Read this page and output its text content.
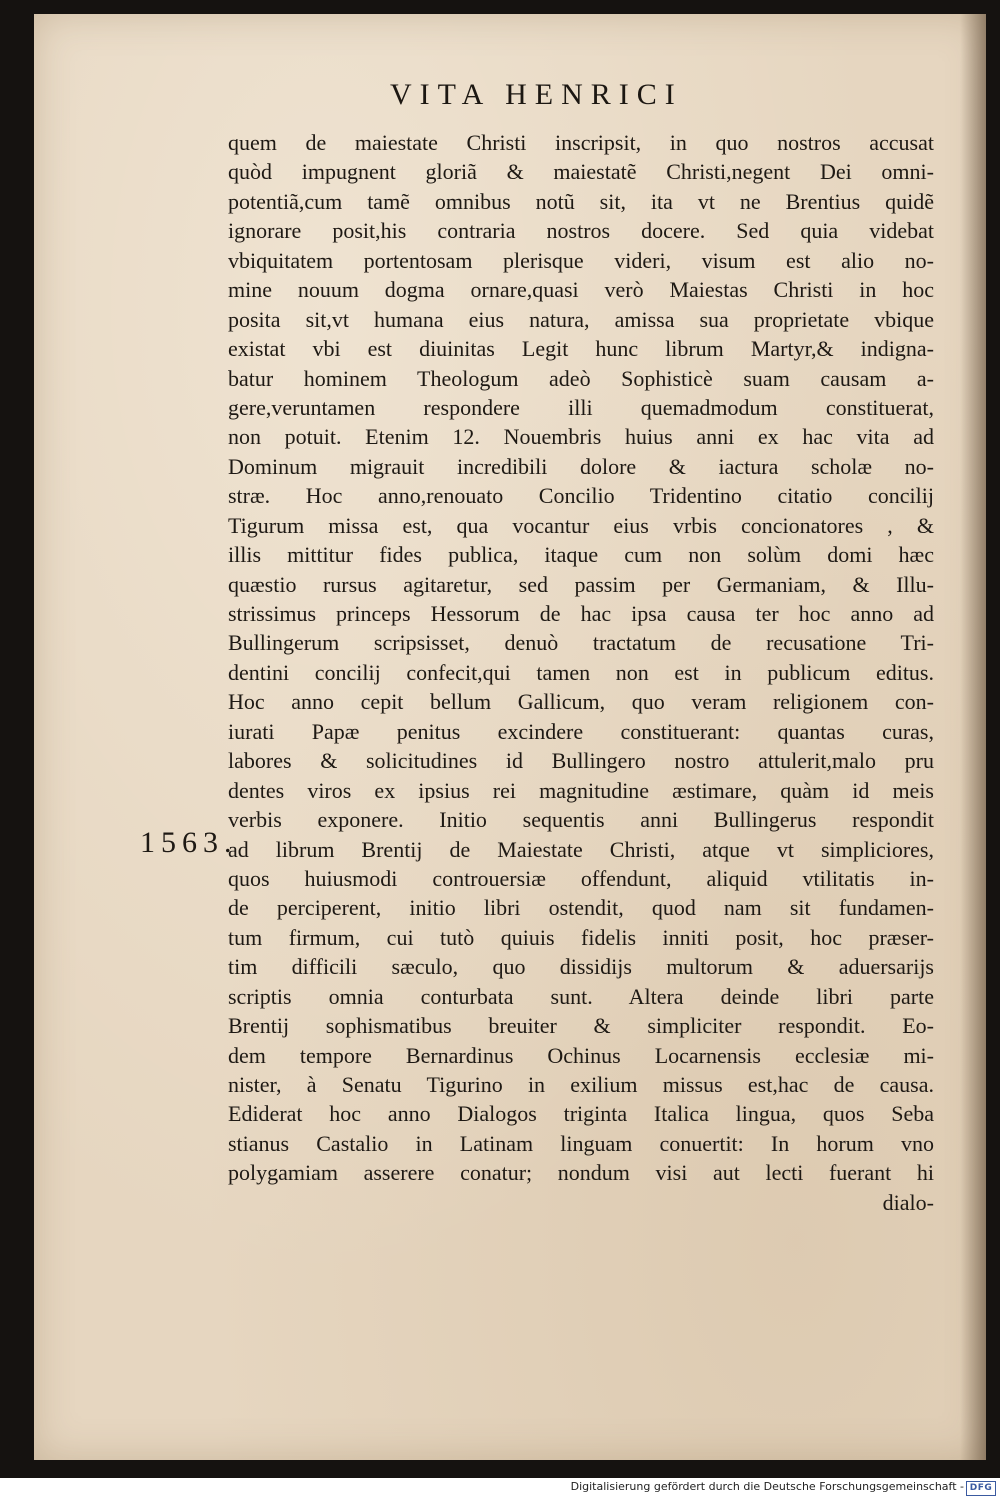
VITA HENRICI
1563.
quem de maiestate Christi inscripsit, in quo nostros accusat
quòd impugnent gloriã & maiestatẽ Christi,negent Dei omni-
potentiã,cum tamẽ omnibus notũ sit, ita vt ne Brentius quidẽ
ignorare posit,his contraria nostros docere. Sed quia videbat
vbiquitatem portentosam plerisque videri, visum est alio no-
mine nouum dogma ornare,quasi verò Maiestas Christi in hoc
posita sit,vt humana eius natura, amissa sua proprietate vbique
existat vbi est diuinitas Legit hunc librum Martyr,& indigna-
batur hominem Theologum adeò Sophisticè suam causam a-
gere,veruntamen respondere illi quemadmodum constituerat,
non potuit. Etenim 12. Nouembris huius anni ex hac vita ad
Dominum migrauit incredibili dolore & iactura scholæ no-
stræ. Hoc anno,renouato Concilio Tridentino citatio concilij
Tigurum missa est, qua vocantur eius vrbis concionatores , &
illis mittitur fides publica, itaque cum non solùm domi hæc
quæstio rursus agitaretur, sed passim per Germaniam, & Illu-
strissimus princeps Hessorum de hac ipsa causa ter hoc anno ad
Bullingerum scripsisset, denuò tractatum de recusatione Tri-
dentini concilij confecit,qui tamen non est in publicum editus.
Hoc anno cepit bellum Gallicum, quo veram religionem con-
iurati Papæ penitus excindere constituerant: quantas curas,
labores & solicitudines id Bullingero nostro attulerit,malo pru
dentes viros ex ipsius rei magnitudine æstimare, quàm id meis
verbis exponere. Initio sequentis anni Bullingerus respondit
ad librum Brentij de Maiestate Christi, atque vt simpliciores,
quos huiusmodi controuersiæ offendunt, aliquid vtilitatis in-
de perciperent, initio libri ostendit, quod nam sit fundamen-
tum firmum, cui tutò quiuis fidelis inniti posit, hoc præser-
tim difficili sæculo, quo dissidijs multorum & aduersarijs
scriptis omnia conturbata sunt. Altera deinde libri parte
Brentij sophismatibus breuiter & simpliciter respondit. Eo-
dem tempore Bernardinus Ochinus Locarnensis ecclesiæ mi-
nister, à Senatu Tigurino in exilium missus est,hac de causa.
Ediderat hoc anno Dialogos triginta Italica lingua, quos Seba
stianus Castalio in Latinam linguam conuertit: In horum vno
polygamiam asserere conatur; nondum visi aut lecti fuerant hi
dialo-
Digitalisierung gefördert durch die Deutsche Forschungsgemeinschaft - DFG
